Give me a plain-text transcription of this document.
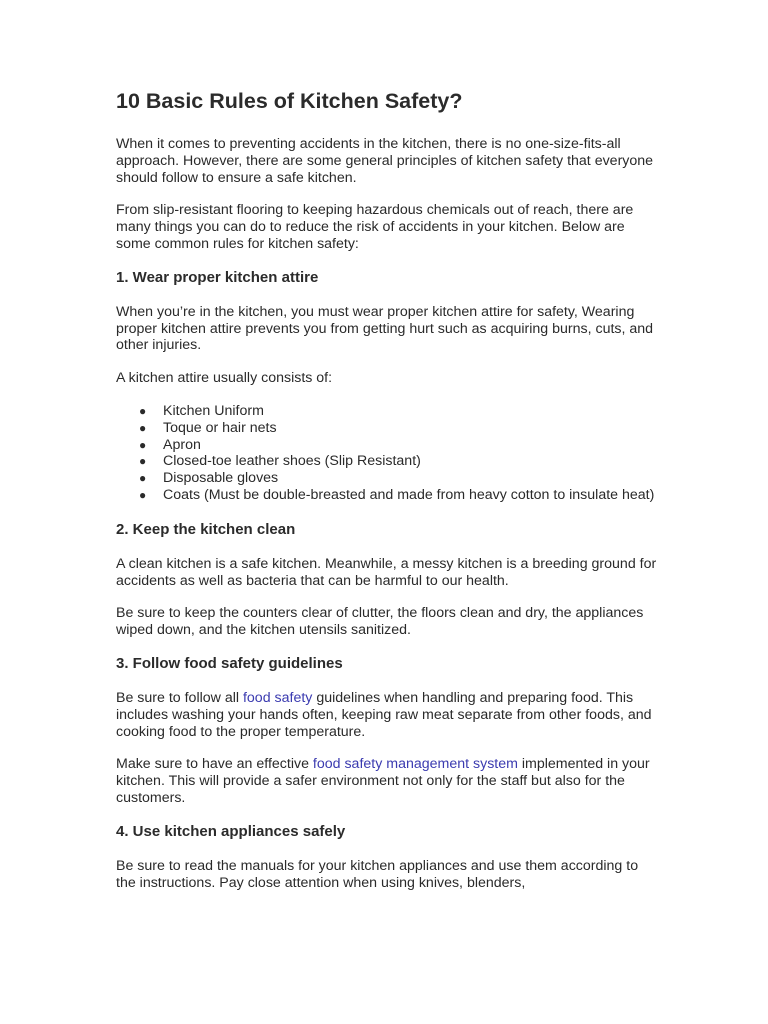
10 Basic Rules of Kitchen Safety?

When it comes to preventing accidents in the kitchen, there is no one-size-fits-all approach. However, there are some general principles of kitchen safety that everyone should follow to ensure a safe kitchen.

From slip-resistant flooring to keeping hazardous chemicals out of reach, there are many things you can do to reduce the risk of accidents in your kitchen. Below are some common rules for kitchen safety:

1. Wear proper kitchen attire

When you’re in the kitchen, you must wear proper kitchen attire for safety, Wearing proper kitchen attire prevents you from getting hurt such as acquiring burns, cuts, and other injuries.

A kitchen attire usually consists of:

● Kitchen Uniform
● Toque or hair nets
● Apron
● Closed-toe leather shoes (Slip Resistant)
● Disposable gloves
● Coats (Must be double-breasted and made from heavy cotton to insulate heat)
2. Keep the kitchen clean

A clean kitchen is a safe kitchen. Meanwhile, a messy kitchen is a breeding ground for accidents as well as bacteria that can be harmful to our health.

Be sure to keep the counters clear of clutter, the floors clean and dry, the appliances wiped down, and the kitchen utensils sanitized.

3. Follow food safety guidelines

Be sure to follow all food safety guidelines when handling and preparing food. This includes washing your hands often, keeping raw meat separate from other foods, and cooking food to the proper temperature.

Make sure to have an effective food safety management system implemented in your kitchen. This will provide a safer environment not only for the staff but also for the customers.

4. Use kitchen appliances safely

Be sure to read the manuals for your kitchen appliances and use them according to the instructions. Pay close attention when using knives, blenders,
